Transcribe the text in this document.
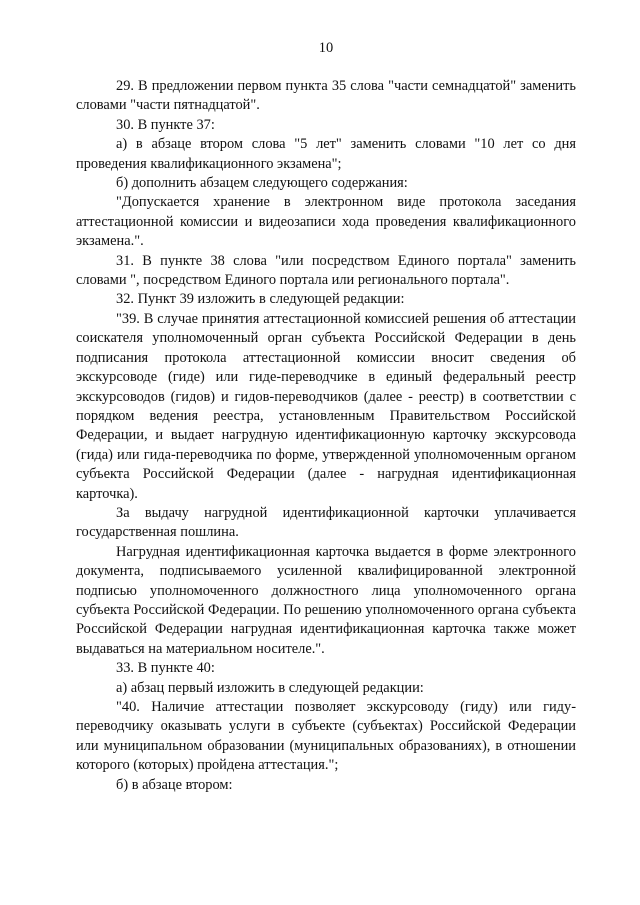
10

29. В предложении первом пункта 35 слова "части семнадцатой" заменить словами "части пятнадцатой".

30. В пункте 37:

а) в абзаце втором слова "5 лет" заменить словами "10 лет со дня проведения квалификационного экзамена";

б) дополнить абзацем следующего содержания:

"Допускается хранение в электронном виде протокола заседания аттестационной комиссии и видеозаписи хода проведения квалификационного экзамена.".

31. В пункте 38 слова "или посредством Единого портала" заменить словами ", посредством Единого портала или регионального портала".

32. Пункт 39 изложить в следующей редакции:

"39. В случае принятия аттестационной комиссией решения об аттестации соискателя уполномоченный орган субъекта Российской Федерации в день подписания протокола аттестационной комиссии вносит сведения об экскурсоводе (гиде) или гиде-переводчике в единый федеральный реестр экскурсоводов (гидов) и гидов-переводчиков (далее - реестр) в соответствии с порядком ведения реестра, установленным Правительством Российской Федерации, и выдает нагрудную идентификационную карточку экскурсовода (гида) или гида-переводчика по форме, утвержденной уполномоченным органом субъекта Российской Федерации (далее - нагрудная идентификационная карточка).

За выдачу нагрудной идентификационной карточки уплачивается государственная пошлина.

Нагрудная идентификационная карточка выдается в форме электронного документа, подписываемого усиленной квалифицированной электронной подписью уполномоченного должностного лица уполномоченного органа субъекта Российской Федерации. По решению уполномоченного органа субъекта Российской Федерации нагрудная идентификационная карточка также может выдаваться на материальном носителе.".

33. В пункте 40:

а) абзац первый изложить в следующей редакции:

"40. Наличие аттестации позволяет экскурсоводу (гиду) или гиду-переводчику оказывать услуги в субъекте (субъектах) Российской Федерации или муниципальном образовании (муниципальных образованиях), в отношении которого (которых) пройдена аттестация.";

б) в абзаце втором:
